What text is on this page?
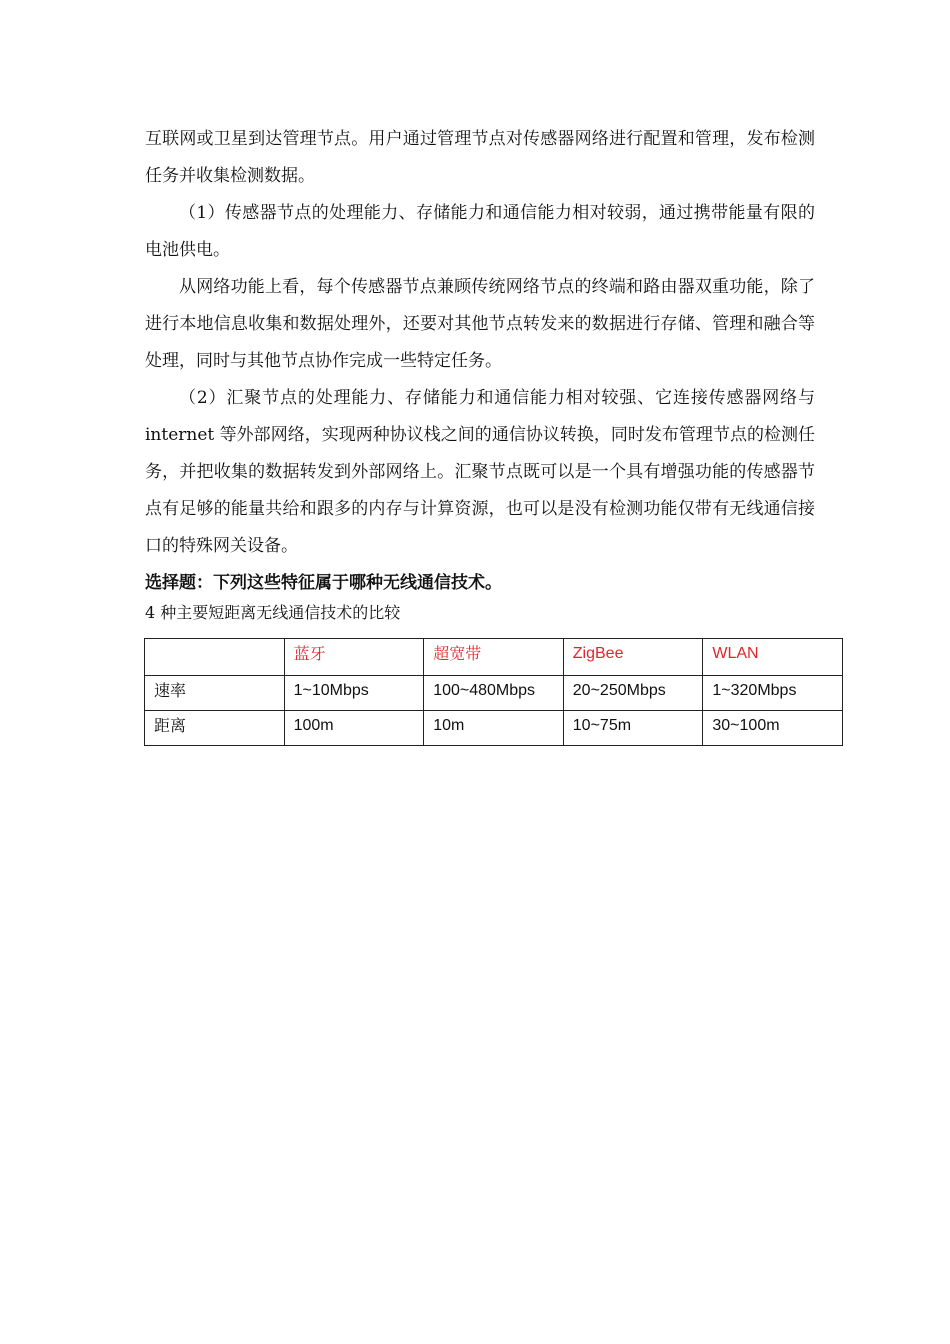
互联网或卫星到达管理节点。用户通过管理节点对传感器网络进行配置和管理，发布检测任务并收集检测数据。

（1）传感器节点的处理能力、存储能力和通信能力相对较弱，通过携带能量有限的电池供电。

从网络功能上看，每个传感器节点兼顾传统网络节点的终端和路由器双重功能，除了进行本地信息收集和数据处理外，还要对其他节点转发来的数据进行存储、管理和融合等处理，同时与其他节点协作完成一些特定任务。

（2）汇聚节点的处理能力、存储能力和通信能力相对较强、它连接传感器网络与 internet 等外部网络，实现两种协议栈之间的通信协议转换，同时发布管理节点的检测任务，并把收集的数据转发到外部网络上。汇聚节点既可以是一个具有增强功能的传感器节点有足够的能量共给和跟多的内存与计算资源，也可以是没有检测功能仅带有无线通信接口的特殊网关设备。

选择题：下列这些特征属于哪种无线通信技术。

4 种主要短距离无线通信技术的比较

	蓝牙	超宽带	ZigBee	WLAN
速率	1~10Mbps	100~480Mbps	20~250Mbps	1~320Mbps
距离	100m	10m	10~75m	30~100m
